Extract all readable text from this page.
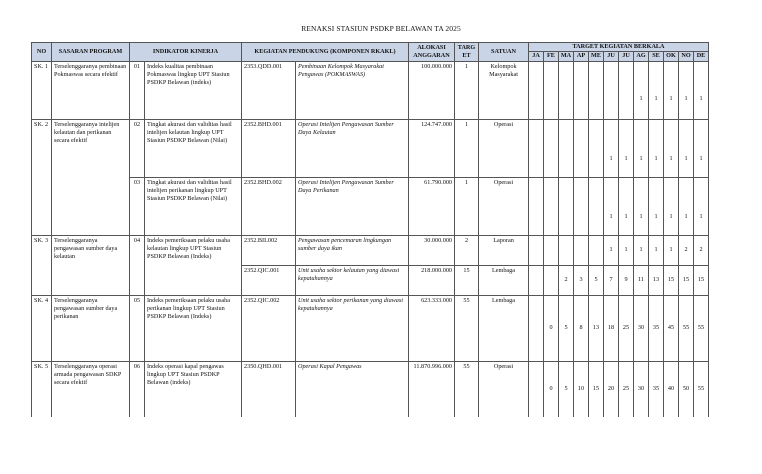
RENAKSI STASIUN PSDKP BELAWAN TA 2025
NO	SASARAN PROGRAM	INDIKATOR KINERJA		KEGIATAN PENDUKUNG (KOMPONEN RKAKL)		ALOKASI ANGGARAN	TARG ET	SATUAN	TARGET KEGIATAN BERKALA											
									JA	FE	MA	AP	ME	JU	JU	AG	SE	OK	NO	DE
SK. 1	Terselenggaranya pembinaan Pokmaswas secara efektif	01	Indeks kualitas pembinaan Pokmaswas lingkup UPT Stasiun PSDKP Belawan (indeks)	2353.QDD.001	Pembinaan Kelompok Masyarakat Pengawas (POKMASWAS)	100.000.000	1	Kelompok Masyarakat								1	1	1	1	1
SK. 2	Terselenggaranya intelijen kelautan dan perikanan secara efektif	02	Tingkat akurasi dan validitas hasil intelijen kelautan lingkup UPT Stasiun PSDKP Belawan (Nilai)	2352.BHD.001	Operasi Intelijen Pengawasan Sumber Daya Kelautan	124.747.000	1	Operasi						1	1	1	1	1	1	1
		03	Tingkat akurasi dan validitas hasil intelijen perikanan lingkup UPT Stasiun PSDKP Belawan (Nilai)	2352.BHD.002	Operasi Intelijen Pengawasan Sumber Daya Perikanan	61.790.000	1	Operasi						1	1	1	1	1	1	1
SK. 3	Terselenggaranya pengawasan sumber daya kelautan	04	Indeks pemeriksaan pelaku usaha kelautan lingkup UPT Stasiun PSDKP Belawan (Indeks)	2352.BIL002	Pengawasan pencemaran lingkungan sumber daya ikan	30.000.000	2	Laporan						1	1	1	1	1	2	2
				2352.QIC.001	Unit usaha sektor kelautan yang diawasi kepatuhannya	218.000.000	15	Lembaga			2	3	5	7	9	11	13	15	15	15
SK. 4	Terselenggaranya pengawasan sumber daya perikanan	05	Indeks pemeriksaan pelaku usaha perikanan lingkup UPT Stasiun PSDKP Belawan (Indeks)	2352.QIC.002	Unit usaha sektor perikanan yang diawasi kepatuhannya	623.333.000	55	Lembaga		0	5	8	13	18	25	30	35	45	55	55
SK. 5	Terselenggaranya operasi armada pengawasan SDKP secara efektif	06	Indeks operasi kapal pengawas lingkup UPT Stasiun PSDKP Belawan (indeks)	2350.QHD.001	Operasi Kapal Pengawas	11.870.996.000	55	Operasi		0	5	10	15	20	25	30	35	40	50	55
